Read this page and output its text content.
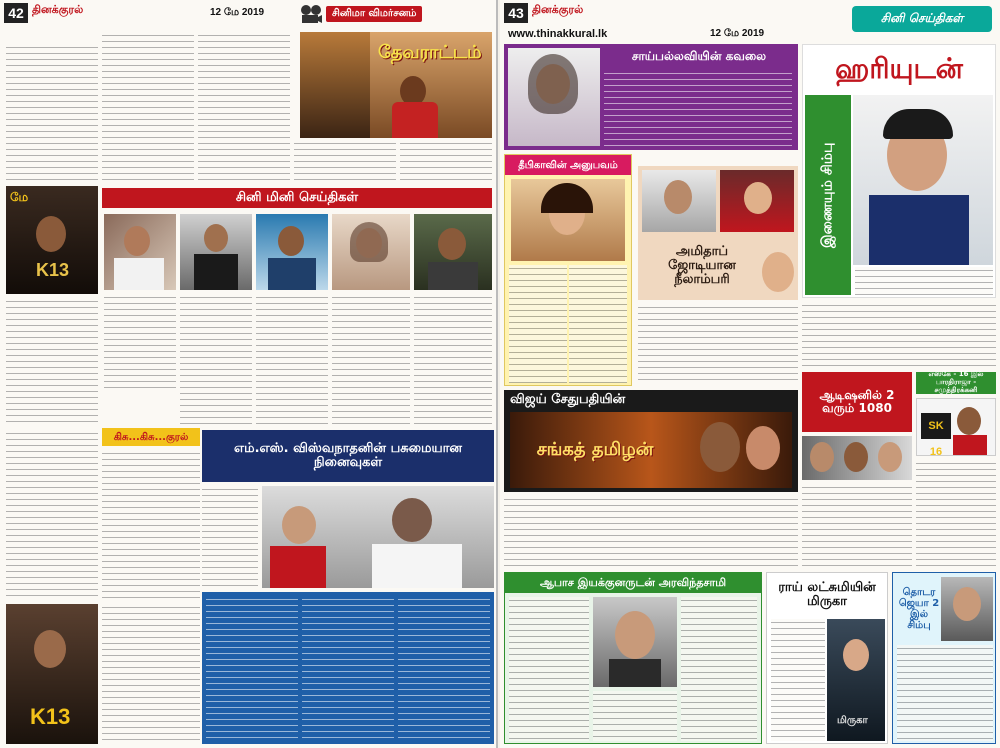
42 தினக்குரல்	12 மே 2019	சினிமா விமர்சனம்
தேவராட்டம்
மே
K13
சினி மினி செய்திகள்
கிசு...கிசு...குரல்
எம்.எஸ். விஸ்வநாதனின் பசுமையான நினைவுகள்
K13
43 தினக்குரல்
www.thinakkural.lk	12 மே 2019
சினி செய்திகள்
சாய்பல்லவியின் கவலை	ஹரியுடன்
இணையும் சிம்பு
தீபிகாவின் அனுபவம்
அமிதாப் ஜோடியான நீலாம்பரி
விஜய் சேதுபதியின்
சங்கத் தமிழன்
ஆடிஷனில் 2 வரும் 1080
எஸ்கே - 16 இல் பாரதிராஜா - சமுத்திரக்கனி
SK 16
ஆபாச இயக்குனருடன் அரவிந்தசாமி	ராய் லட்சுமியின் மிருகா
மிருகா
தொடர ஜெயா 2 இல் சிம்பு
